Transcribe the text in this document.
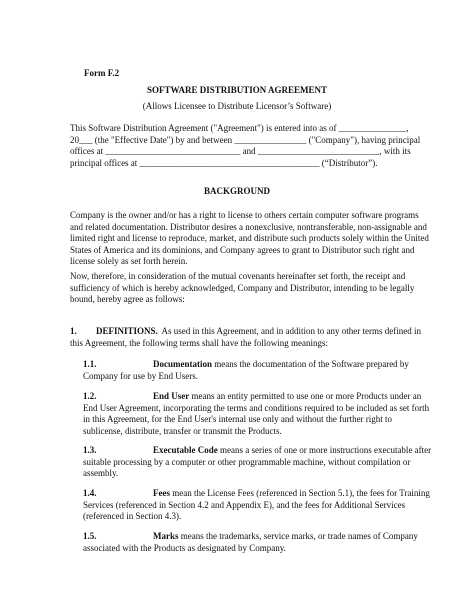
Form F.2

SOFTWARE DISTRIBUTION AGREEMENT

(Allows Licensee to Distribute Licensor’s Software)

This Software Distribution Agreement ("Agreement") is entered into as of _______________, 20___ (the "Effective Date") by and between ________________ ("Company"), having principal offices at ______________________________ and ___________________________, with its principal offices at ________________________________________ (“Distributor”).

BACKGROUND

Company is the owner and/or has a right to license to others certain computer software programs and related documentation. Distributor desires a nonexclusive, nontransferable, non-assignable and limited right and license to reproduce, market, and distribute such products solely within the United States of America and its dominions, and Company agrees to grant to Distributor such right and license solely as set forth herein.

Now, therefore, in consideration of the mutual covenants hereinafter set forth, the receipt and sufficiency of which is hereby acknowledged, Company and Distributor, intending to be legally bound, hereby agree as follows:

1. DEFINITIONS. As used in this Agreement, and in addition to any other terms defined in this Agreement, the following terms shall have the following meanings:

1.1.	Documentation means the documentation of the Software prepared by Company for use by End Users.

1.2.	End User means an entity permitted to use one or more Products under an End User Agreement, incorporating the terms and conditions required to be included as set forth in this Agreement, for the End User's internal use only and without the further right to sublicense, distribute, transfer or transmit the Products.

1.3.	Executable Code means a series of one or more instructions executable after suitable processing by a computer or other programmable machine, without compilation or assembly.

1.4.	Fees mean the License Fees (referenced in Section 5.1), the fees for Training Services (referenced in Section 4.2 and Appendix E), and the fees for Additional Services (referenced in Section 4.3).

1.5.	Marks means the trademarks, service marks, or trade names of Company associated with the Products as designated by Company.
